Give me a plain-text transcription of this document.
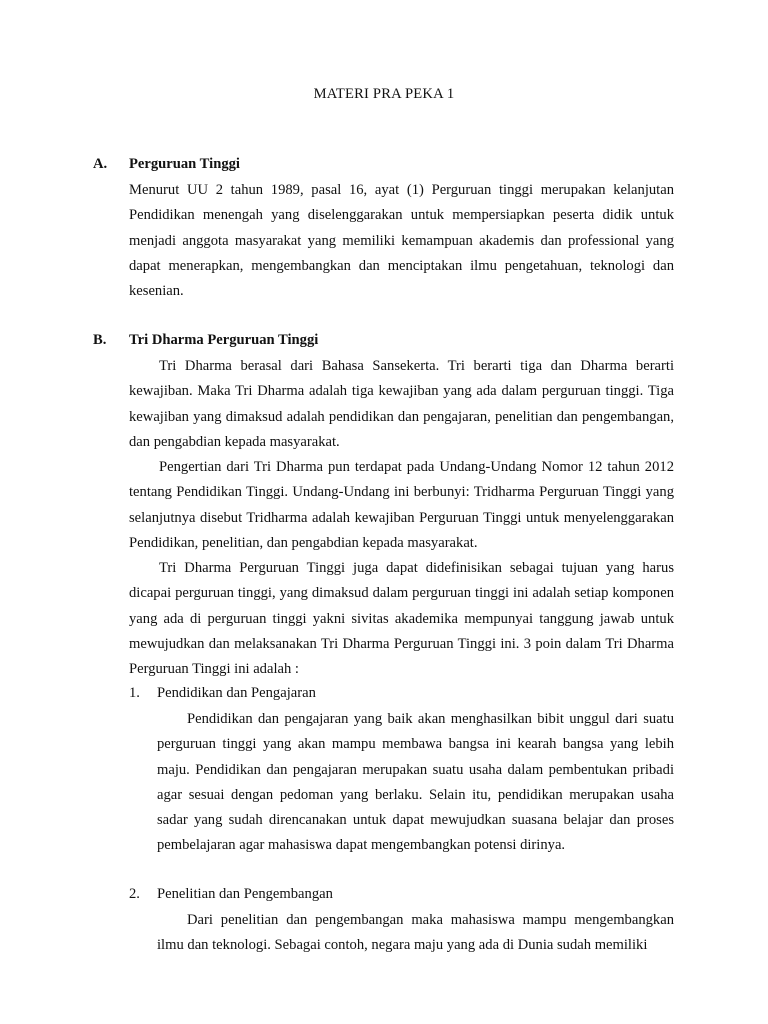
MATERI PRA PEKA 1
A. Perguruan Tinggi

Menurut UU 2 tahun 1989, pasal 16, ayat (1) Perguruan tinggi merupakan kelanjutan Pendidikan menengah yang diselenggarakan untuk mempersiapkan peserta didik untuk menjadi anggota masyarakat yang memiliki kemampuan akademis dan professional yang dapat menerapkan, mengembangkan dan menciptakan ilmu pengetahuan, teknologi dan kesenian.

B. Tri Dharma Perguruan Tinggi

Tri Dharma berasal dari Bahasa Sansekerta. Tri berarti tiga dan Dharma berarti kewajiban. Maka Tri Dharma adalah tiga kewajiban yang ada dalam perguruan tinggi. Tiga kewajiban yang dimaksud adalah pendidikan dan pengajaran, penelitian dan pengembangan, dan pengabdian kepada masyarakat.

Pengertian dari Tri Dharma pun terdapat pada Undang-Undang Nomor 12 tahun 2012 tentang Pendidikan Tinggi. Undang-Undang ini berbunyi: Tridharma Perguruan Tinggi yang selanjutnya disebut Tridharma adalah kewajiban Perguruan Tinggi untuk menyelenggarakan Pendidikan, penelitian, dan pengabdian kepada masyarakat.

Tri Dharma Perguruan Tinggi juga dapat didefinisikan sebagai tujuan yang harus dicapai perguruan tinggi, yang dimaksud dalam perguruan tinggi ini adalah setiap komponen yang ada di perguruan tinggi yakni sivitas akademika mempunyai tanggung jawab untuk mewujudkan dan melaksanakan Tri Dharma Perguruan Tinggi ini. 3 poin dalam Tri Dharma Perguruan Tinggi ini adalah :

1. Pendidikan dan Pengajaran

Pendidikan dan pengajaran yang baik akan menghasilkan bibit unggul dari suatu perguruan tinggi yang akan mampu membawa bangsa ini kearah bangsa yang lebih maju. Pendidikan dan pengajaran merupakan suatu usaha dalam pembentukan pribadi agar sesuai dengan pedoman yang berlaku. Selain itu, pendidikan merupakan usaha sadar yang sudah direncanakan untuk dapat mewujudkan suasana belajar dan proses pembelajaran agar mahasiswa dapat mengembangkan potensi dirinya.

2. Penelitian dan Pengembangan

Dari penelitian dan pengembangan maka mahasiswa mampu mengembangkan ilmu dan teknologi. Sebagai contoh, negara maju yang ada di Dunia sudah memiliki
